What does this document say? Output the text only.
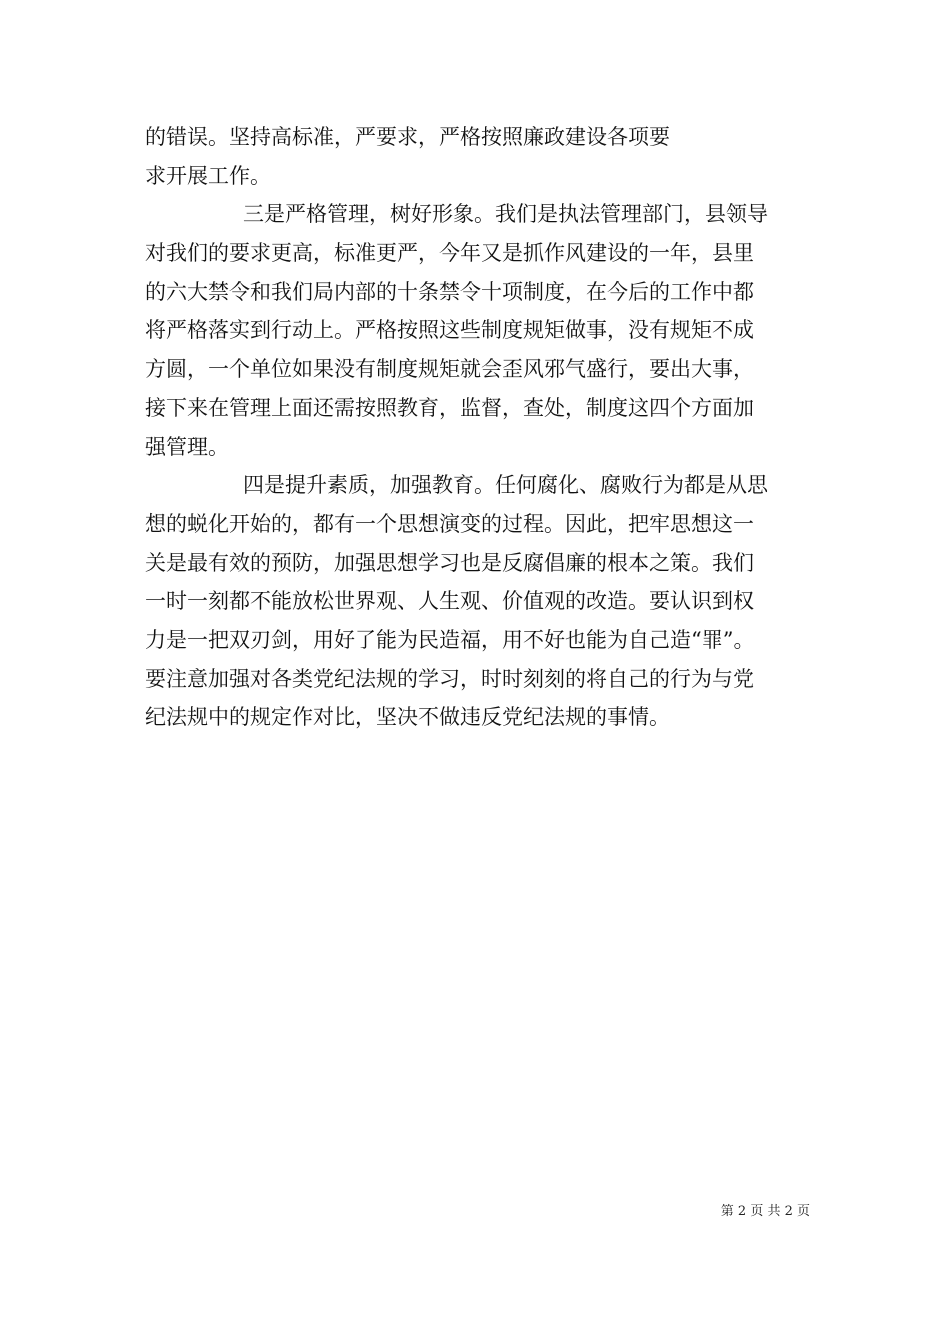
的错误。坚持高标准，严要求，严格按照廉政建设各项要
求开展工作。
三是严格管理，树好形象。我们是执法管理部门，县领导
对我们的要求更高，标准更严，今年又是抓作风建设的一年，县里
的六大禁令和我们局内部的十条禁令十项制度，在今后的工作中都
将严格落实到行动上。严格按照这些制度规矩做事，没有规矩不成
方圆，一个单位如果没有制度规矩就会歪风邪气盛行，要出大事，
接下来在管理上面还需按照教育，监督，查处，制度这四个方面加
强管理。
四是提升素质，加强教育。任何腐化、腐败行为都是从思
想的蜕化开始的，都有一个思想演变的过程。因此，把牢思想这一
关是最有效的预防，加强思想学习也是反腐倡廉的根本之策。我们
一时一刻都不能放松世界观、人生观、价值观的改造。要认识到权
力是一把双刃剑，用好了能为民造福，用不好也能为自己造“罪”。
要注意加强对各类党纪法规的学习，时时刻刻的将自己的行为与党
纪法规中的规定作对比，坚决不做违反党纪法规的事情。
第 2 页 共 2 页
